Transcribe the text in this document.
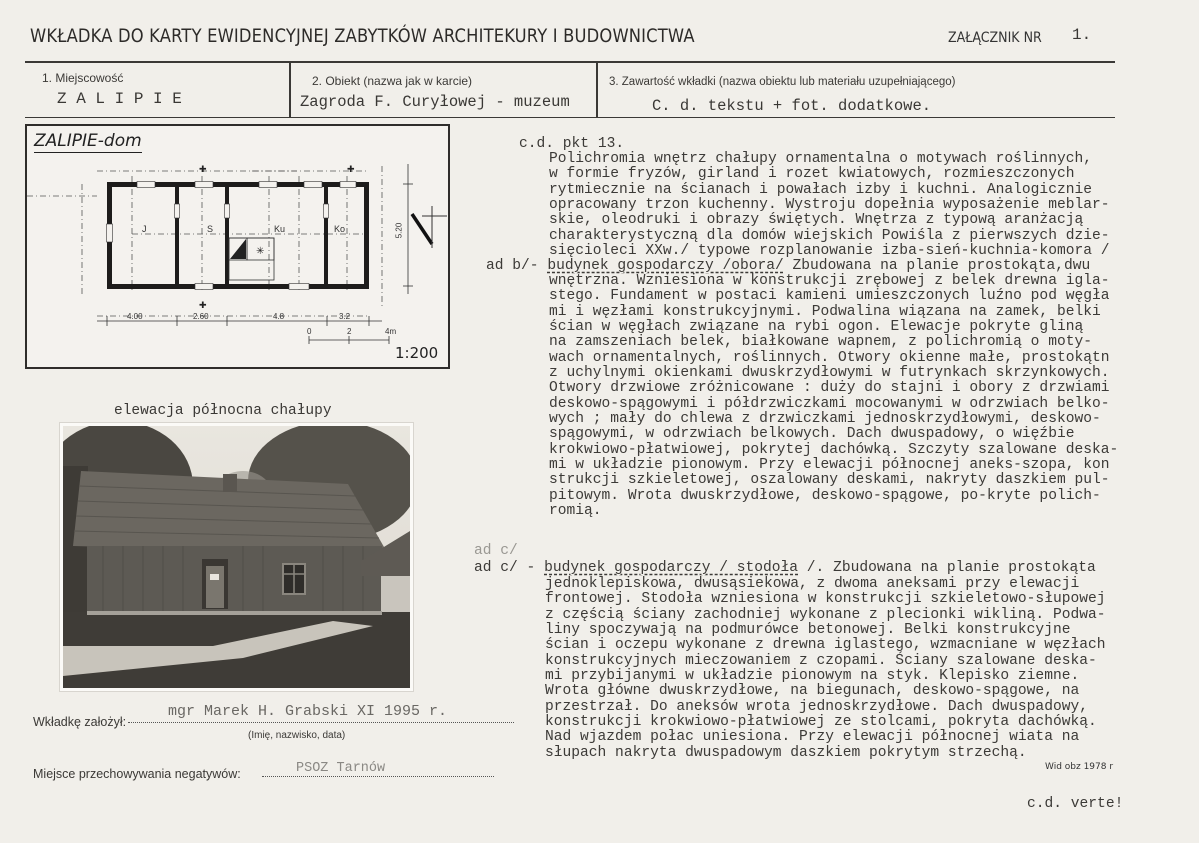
WKŁADKA DO KARTY EWIDENCYJNEJ ZABYTKÓW ARCHITEKURY I BUDOWNICTWA	ZAŁĄCZNIK NR 1.
1. Miejscowość
Z A L I P I E
2. Obiekt (nazwa jak w karcie)
Zagroda F. Curyłowej - muzeum
3. Zawartość wkładki (nazwa obiektu lub materiału uzupełniającego)
C. d. tekstu + fot. dodatkowe.
ZALIPIE-dom
✳
J	S	Ku	Ko
✚	✚
✚
4.00	2.60	4.8	3.2
5.20
0	2	4m
1:200
elewacja północna chałupy
Wkładkę założył:
mgr Marek H. Grabski XI 1995 r.
(Imię, nazwisko, data)
Miejsce przechowywania negatywów:	PSOZ Tarnów
c.d. pkt 13.
Polichromia wnętrz chałupy ornamentalna o motywach roślinnych,
w formie fryzów, girland i rozet kwiatowych, rozmieszczonych
rytmiecznie na ścianach i powałach izby i kuchni. Analogicznie
opracowany trzon kuchenny. Wystroju dopełnia wyposażenie meblar-
skie, oleodruki i obrazy świętych. Wnętrza z typową aranżacją
charakterystyczną dla domów wiejskich Powiśla z pierwszych dzie-
sięcioleci XXw./ typowe rozplanowanie izba-sień-kuchnia-komora /
ad b/- budynek gospodarczy /obora/ Zbudowana na planie prostokąta,dwu
wnętrzna. Wzniesiona w konstrukcji zrębowej z belek drewna igla-
stego. Fundament w postaci kamieni umieszczonych luźno pod węgła
mi i węzłami konstrukcyjnymi. Podwalina wiązana na zamek, belki
ścian w węgłach związane na rybi ogon. Elewacje pokryte gliną
na zamszeniach belek, białkowane wapnem, z polichromią o moty-
wach ornamentalnych, roślinnych. Otwory okienne małe, prostokątn
z uchylnymi okienkami dwuskrzydłowymi w futrynkach skrzynkowych.
Otwory drzwiowe zróżnicowane : duży do stajni i obory z drzwiami
deskowo-spągowymi i półdrzwiczkami mocowanymi w odrzwiach belko-
wych ; mały do chlewa z drzwiczkami jednoskrzydłowymi, deskowo-
spągowymi, w odrzwiach belkowych. Dach dwuspadowy, o więźbie
krokwiowo-płatwiowej, pokrytej dachówką. Szczyty szalowane deska-
mi w układzie pionowym. Przy elewacji północnej aneks-szopa, kon
strukcji szkieletowej, oszalowany deskami, nakryty daszkiem pul-
pitowym. Wrota dwuskrzydłowe, deskowo-spągowe, po-kryte polich-
romią.
ad c/
ad c/ - budynek gospodarczy / stodoła /. Zbudowana na planie prostokąta
jednoklepiskowa, dwusąsiekowa, z dwoma aneksami przy elewacji
frontowej. Stodoła wzniesiona w konstrukcji szkieletowo-słupowej
z częścią ściany zachodniej wykonane z plecionki wikliną. Podwa-
liny spoczywają na podmurówce betonowej. Belki konstrukcyjne
ścian i oczepu wykonane z drewna iglastego, wzmacniane w węzłach
konstrukcyjnych mieczowaniem z czopami. Ściany szalowane deska-
mi przybijanymi w układzie pionowym na styk. Klepisko ziemne.
Wrota główne dwuskrzydłowe, na biegunach, deskowo-spągowe, na
przestrzał. Do aneksów wrota jednoskrzydłowe. Dach dwuspadowy,
konstrukcji krokwiowo-płatwiowej ze stolcami, pokryta dachówką.
Nad wjazdem połac uniesiona. Przy elewacji północnej wiata na
słupach nakryta dwuspadowym daszkiem pokrytym strzechą.
Wid obz 1978 r
c.d. verte!
